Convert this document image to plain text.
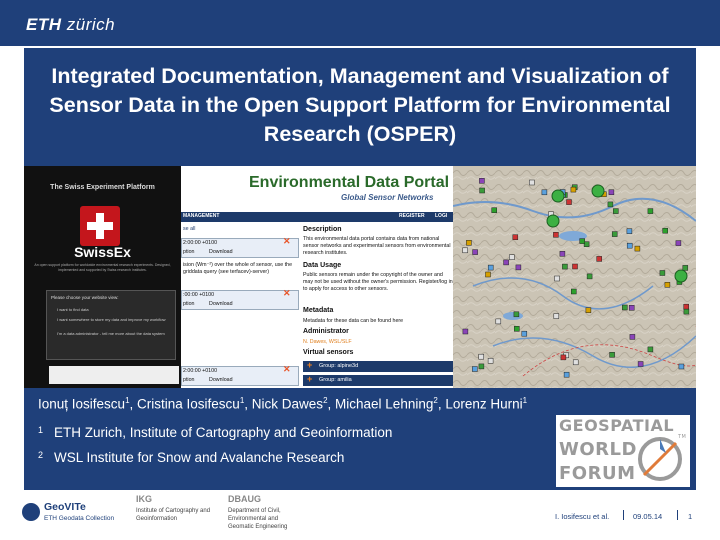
ETH zürich
Integrated Documentation, Management and Visualization of Sensor Data in the Open Support Platform for Environmental Research (OSPER)
The Swiss Experiment Platform
SwissEx
An open support platform for worldwide environmental research experiments. Designed, implemented and supported by Swiss research institutes.
Please choose your website view:
I want to find data
I want somewhere to store my data and improve my workflow
I'm a data administrator - tell me more about the data system
Environmental Data Portal
Global Sensor Networks
MANAGEMENT	REGISTER LOGI
se all
2:00:00 +0100	✕
ption	Download
ision (Wm⁻²) over the whole of sensor, use the griddata query (see terfacev)-server)
:00:00 +0100	✕
ption	Download
2:00:00 +0100	✕
ption	Download
Description
This environmental data portal contains data from national sensor networks and experimental sensors from environmental research institutes.
Data Usage
Public sensors remain under the copyright of the owner and may not be used without the owner's permission. Register/log in to apply for access to other sensors.
Metadata
Metadata for these data can be found here
Administrator
N. Dawes, WSL/SLF
Virtual sensors
+ Group: alpine3d
+ Group: amilia
Ionuț Iosifescu$^1$, Cristina Iosifescu$^1$, Nick Dawes$^2$, Michael Lehning$^2$, Lorenz Hurni$^1$
$^1$ ETH Zurich, Institute of Cartography and Geoinformation
$^2$ WSL Institute for Snow and Avalanche Research
GEOSPATIAL
WORLD
FORUM
TM
GeoVITe
ETH Geodata Collection
IKG
Institute of Cartography and Geoinformation
DBAUG
Department of Civil, Environmental and Geomatic Engineering
I. Iosifescu et al.	09.05.14	1
